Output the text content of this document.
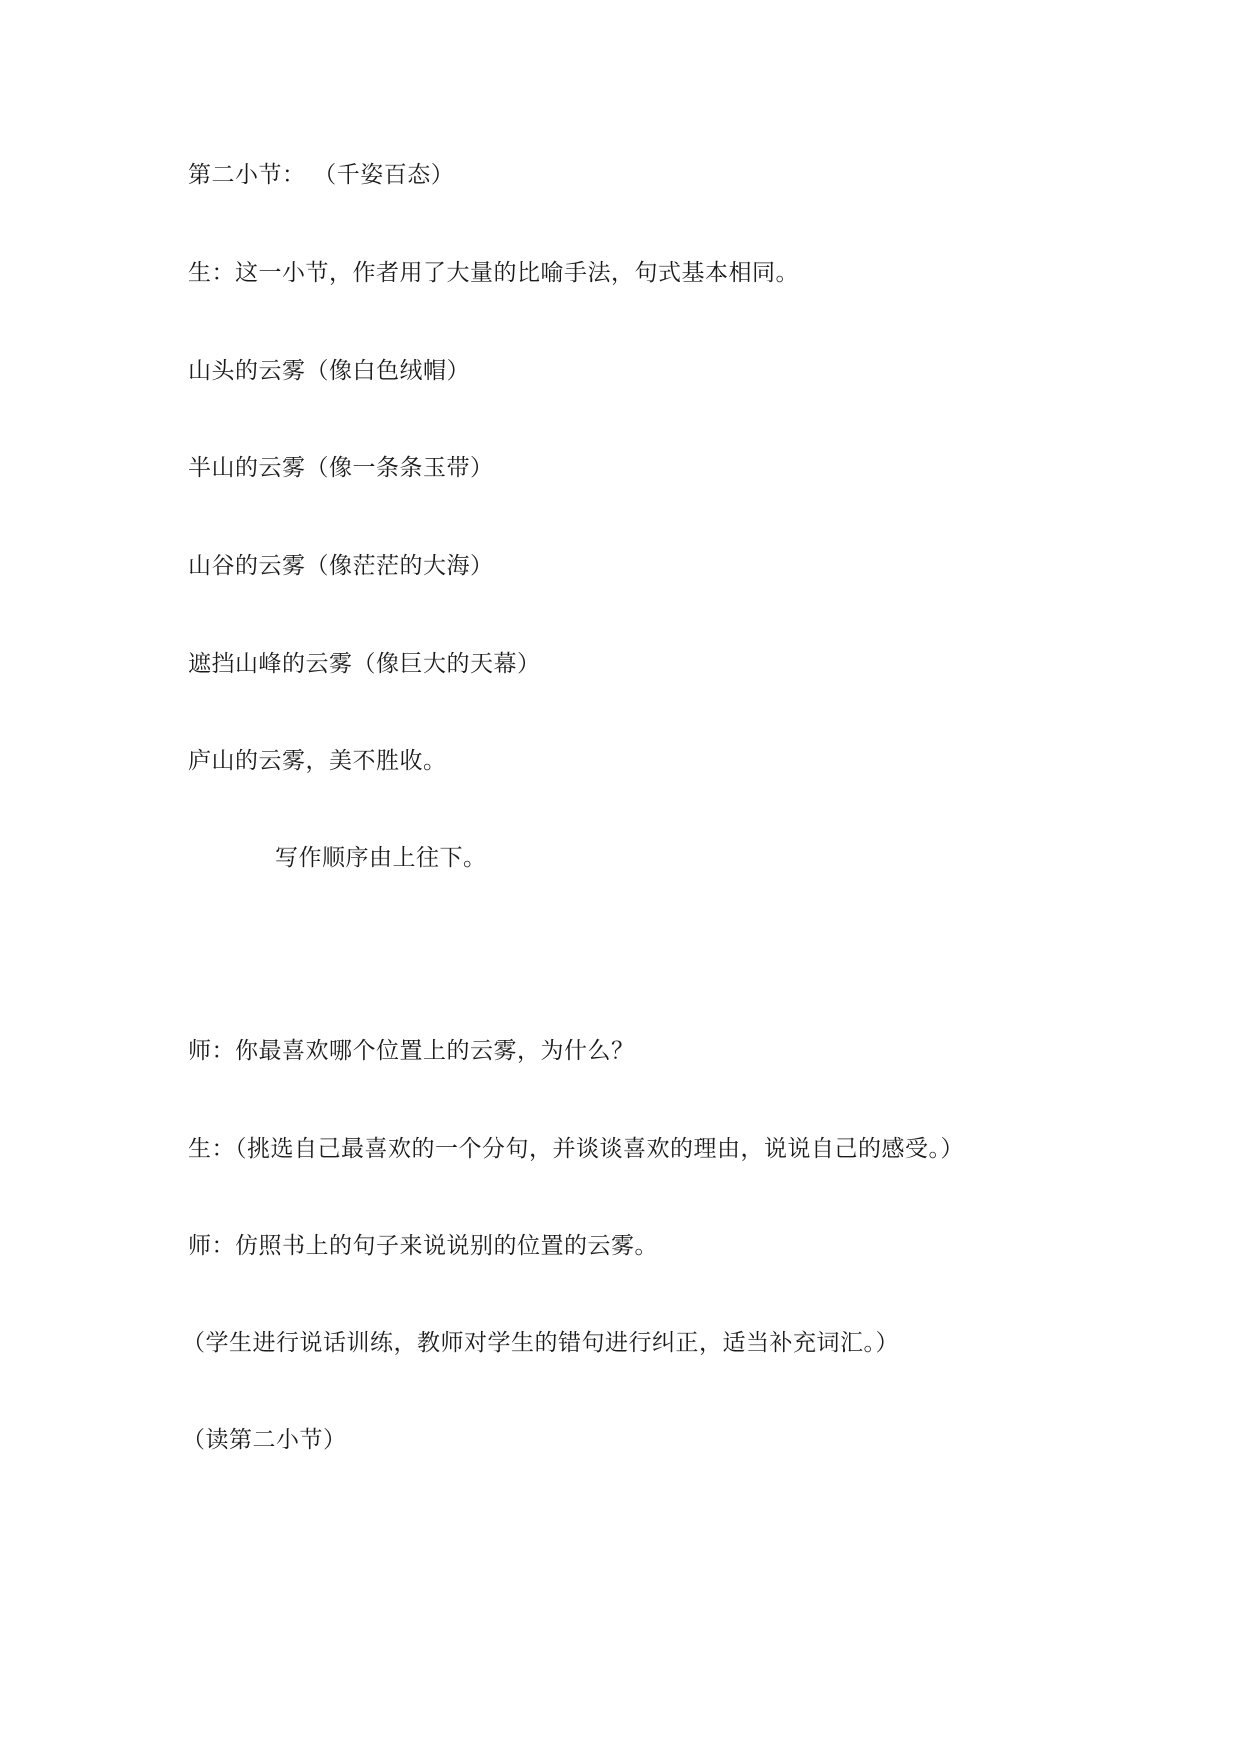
第二小节： （千姿百态）
生：这一小节，作者用了大量的比喻手法，句式基本相同。
山头的云雾（像白色绒帽）
半山的云雾（像一条条玉带）
山谷的云雾（像茫茫的大海）
遮挡山峰的云雾（像巨大的天幕）
庐山的云雾，美不胜收。
写作顺序由上往下。
师：你最喜欢哪个位置上的云雾，为什么？
生：（挑选自己最喜欢的一个分句，并谈谈喜欢的理由，说说自己的感受。）
师：仿照书上的句子来说说别的位置的云雾。
（学生进行说话训练，教师对学生的错句进行纠正，适当补充词汇。）
（读第二小节）
